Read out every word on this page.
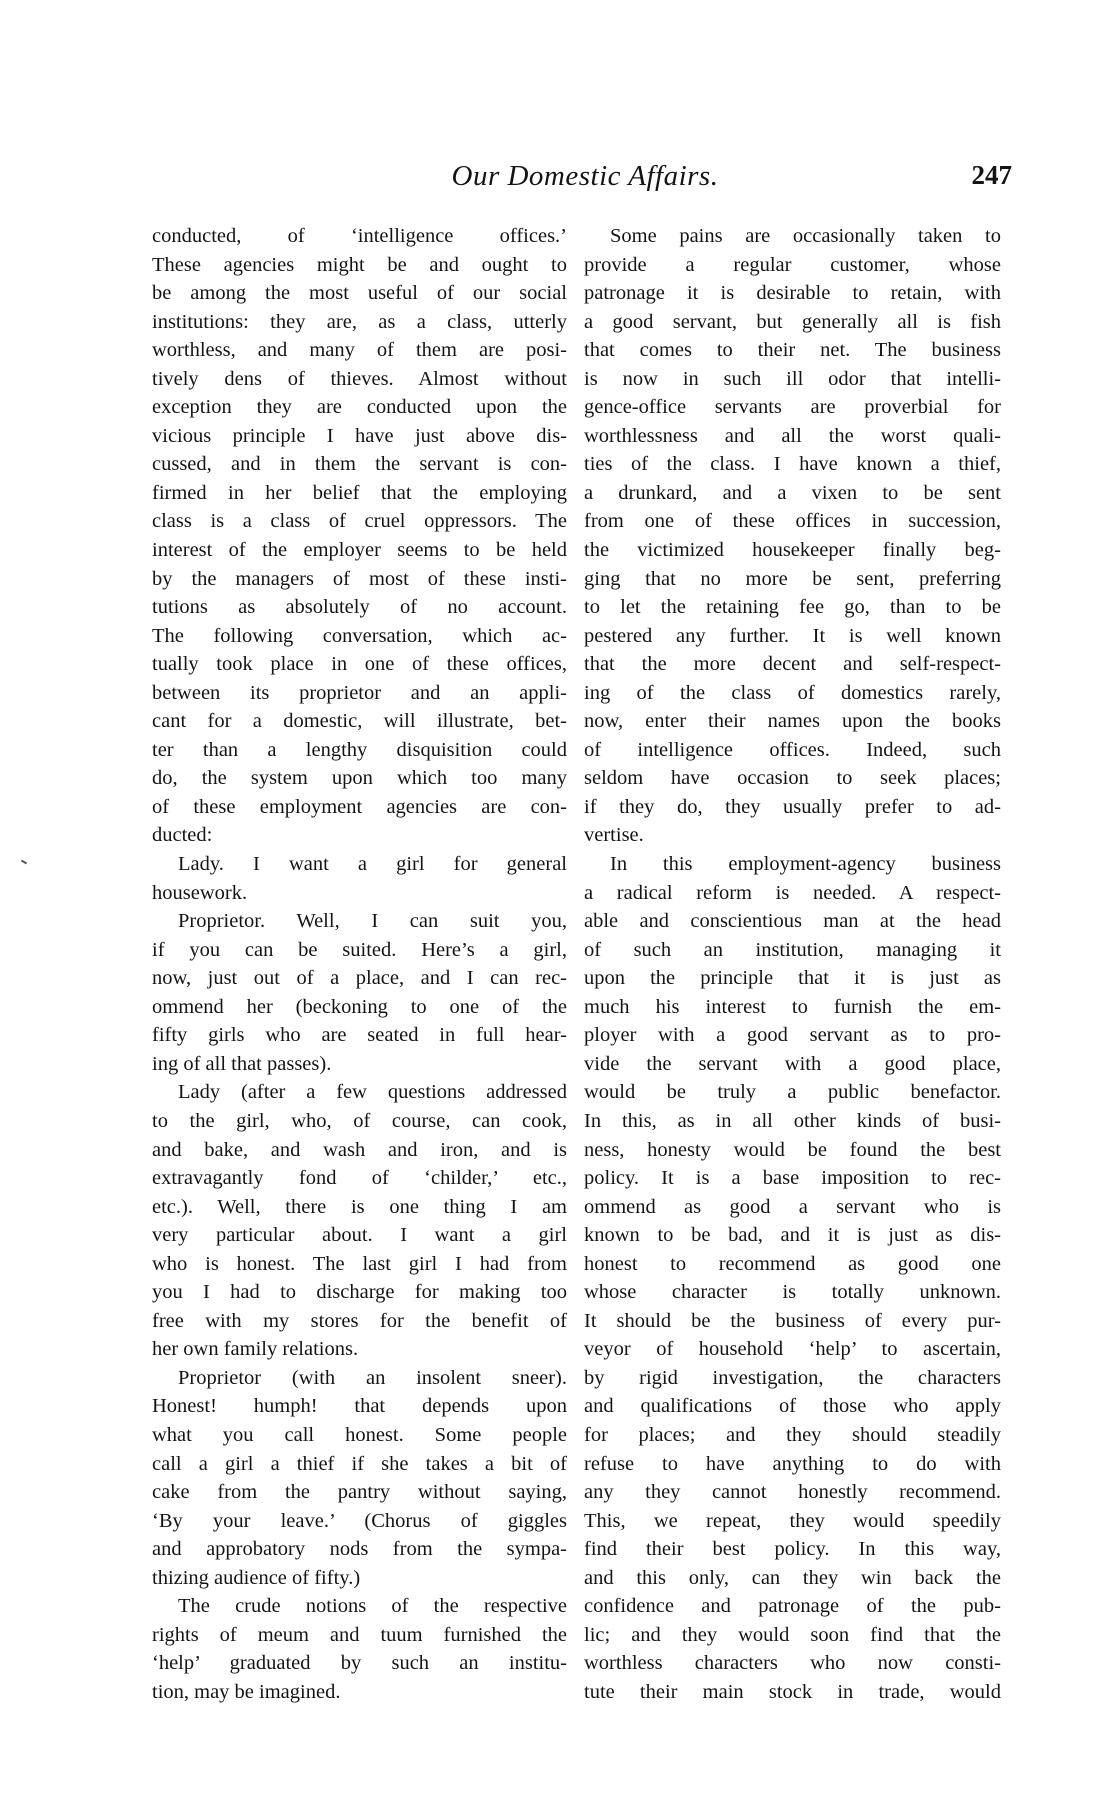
Our Domestic Affairs.	247
conducted, of ‘intelligence offices.’
These agencies might be and ought to
be among the most useful of our social
institutions: they are, as a class, utterly
worthless, and many of them are posi-
tively dens of thieves. Almost without
exception they are conducted upon the
vicious principle I have just above dis-
cussed, and in them the servant is con-
firmed in her belief that the employing
class is a class of cruel oppressors. The
interest of the employer seems to be held
by the managers of most of these insti-
tutions as absolutely of no account.
The following conversation, which ac-
tually took place in one of these offices,
between its proprietor and an appli-
cant for a domestic, will illustrate, bet-
ter than a lengthy disquisition could
do, the system upon which too many
of these employment agencies are con-
ducted:
Lady. I want a girl for general
housework.
Proprietor. Well, I can suit you,
if you can be suited. Here’s a girl,
now, just out of a place, and I can rec-
ommend her (beckoning to one of the
fifty girls who are seated in full hear-
ing of all that passes).
Lady (after a few questions addressed
to the girl, who, of course, can cook,
and bake, and wash and iron, and is
extravagantly fond of ‘childer,’ etc.,
etc.). Well, there is one thing I am
very particular about. I want a girl
who is honest. The last girl I had from
you I had to discharge for making too
free with my stores for the benefit of
her own family relations.
Proprietor (with an insolent sneer).
Honest! humph! that depends upon
what you call honest. Some people
call a girl a thief if she takes a bit of
cake from the pantry without saying,
‘By your leave.’ (Chorus of giggles
and approbatory nods from the sympa-
thizing audience of fifty.)
The crude notions of the respective
rights of meum and tuum furnished the
‘help’ graduated by such an institu-
tion, may be imagined.
Some pains are occasionally taken to
provide a regular customer, whose
patronage it is desirable to retain, with
a good servant, but generally all is fish
that comes to their net. The business
is now in such ill odor that intelli-
gence-office servants are proverbial for
worthlessness and all the worst quali-
ties of the class. I have known a thief,
a drunkard, and a vixen to be sent
from one of these offices in succession,
the victimized housekeeper finally beg-
ging that no more be sent, preferring
to let the retaining fee go, than to be
pestered any further. It is well known
that the more decent and self-respect-
ing of the class of domestics rarely,
now, enter their names upon the books
of intelligence offices. Indeed, such
seldom have occasion to seek places;
if they do, they usually prefer to ad-
vertise.
In this employment-agency business
a radical reform is needed. A respect-
able and conscientious man at the head
of such an institution, managing it
upon the principle that it is just as
much his interest to furnish the em-
ployer with a good servant as to pro-
vide the servant with a good place,
would be truly a public benefactor.
In this, as in all other kinds of busi-
ness, honesty would be found the best
policy. It is a base imposition to rec-
ommend as good a servant who is
known to be bad, and it is just as dis-
honest to recommend as good one
whose character is totally unknown.
It should be the business of every pur-
veyor of household ‘help’ to ascertain,
by rigid investigation, the characters
and qualifications of those who apply
for places; and they should steadily
refuse to have anything to do with
any they cannot honestly recommend.
This, we repeat, they would speedily
find their best policy. In this way,
and this only, can they win back the
confidence and patronage of the pub-
lic; and they would soon find that the
worthless characters who now consti-
tute their main stock in trade, would
